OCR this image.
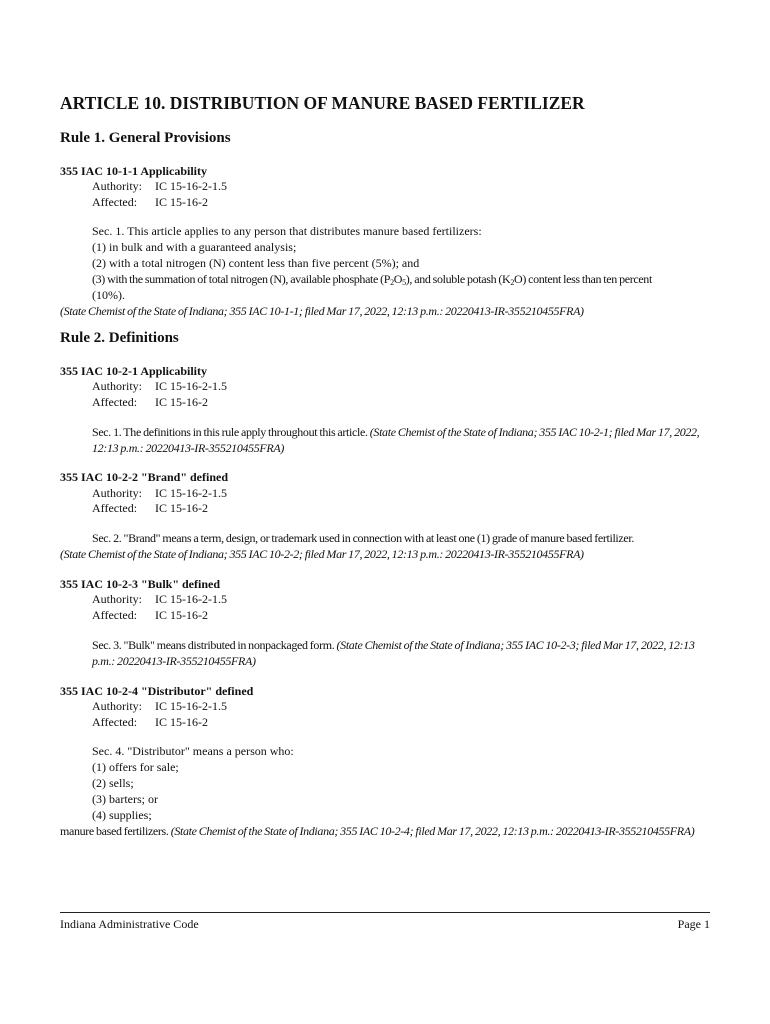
ARTICLE 10. DISTRIBUTION OF MANURE BASED FERTILIZER
Rule 1. General Provisions
355 IAC 10-1-1 Applicability
Authority: IC 15-16-2-1.5
Affected: IC 15-16-2

Sec. 1. This article applies to any person that distributes manure based fertilizers:

(1) in bulk and with a guaranteed analysis;

(2) with a total nitrogen (N) content less than five percent (5%); and

(3) with the summation of total nitrogen (N), available phosphate $(P_2O_5)$, and soluble potash $(K_2O)$ content less than ten percent

(10%).

(State Chemist of the State of Indiana; 355 IAC 10-1-1; filed Mar 17, 2022, 12:13 p.m.: 20220413-IR-355210455FRA)

Rule 2. Definitions
355 IAC 10-2-1 Applicability
Authority: IC 15-16-2-1.5
Affected: IC 15-16-2

Sec. 1. The definitions in this rule apply throughout this article. (State Chemist of the State of Indiana; 355 IAC 10-2-1; filed Mar 17, 2022, 12:13 p.m.: 20220413-IR-355210455FRA)

355 IAC 10-2-2 "Brand" defined
Authority: IC 15-16-2-1.5
Affected: IC 15-16-2

Sec. 2. "Brand" means a term, design, or trademark used in connection with at least one (1) grade of manure based fertilizer.

(State Chemist of the State of Indiana; 355 IAC 10-2-2; filed Mar 17, 2022, 12:13 p.m.: 20220413-IR-355210455FRA)

355 IAC 10-2-3 "Bulk" defined
Authority: IC 15-16-2-1.5
Affected: IC 15-16-2

Sec. 3. "Bulk" means distributed in nonpackaged form. (State Chemist of the State of Indiana; 355 IAC 10-2-3; filed Mar 17, 2022, 12:13 p.m.: 20220413-IR-355210455FRA)

355 IAC 10-2-4 "Distributor" defined
Authority: IC 15-16-2-1.5
Affected: IC 15-16-2

Sec. 4. "Distributor" means a person who:

(1) offers for sale;

(2) sells;

(3) barters; or

(4) supplies;

manure based fertilizers. (State Chemist of the State of Indiana; 355 IAC 10-2-4; filed Mar 17, 2022, 12:13 p.m.: 20220413-IR-355210455FRA)

Indiana Administrative Code	Page 1
